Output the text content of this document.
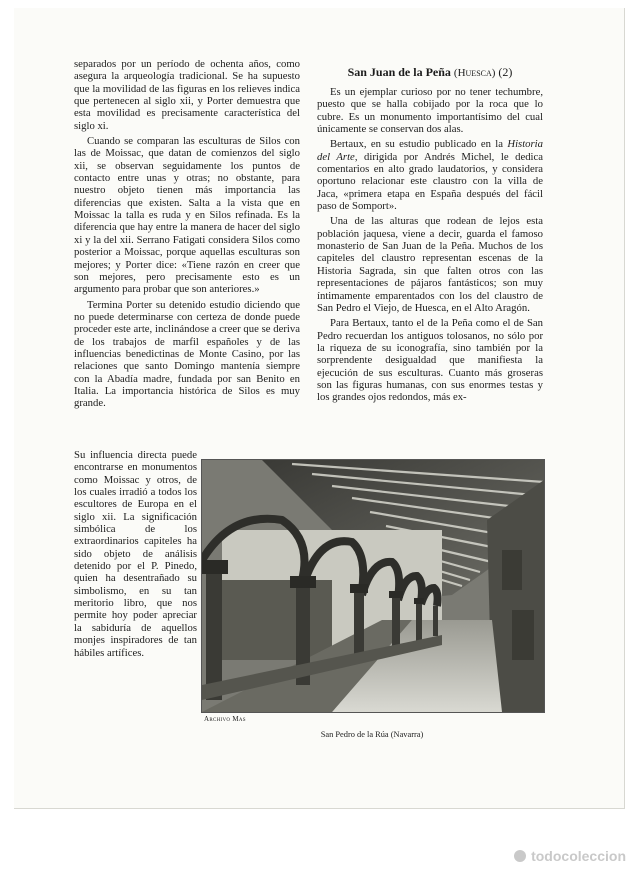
separados por un período de ochenta años, como asegura la arqueología tradicional. Se ha supuesto que la movilidad de las figuras en los relieves indica que pertenecen al siglo xii, y Porter demuestra que esta movilidad es precisamente característica del siglo xi.

Cuando se comparan las esculturas de Silos con las de Moissac, que datan de comienzos del siglo xii, se observan seguidamente los puntos de contacto entre unas y otras; no obstante, para nuestro objeto tienen más importancia las diferencias que existen. Salta a la vista que en Moissac la talla es ruda y en Silos refinada. Es la diferencia que hay entre la manera de hacer del siglo xi y la del xii. Serrano Fatigati considera Silos como posterior a Moissac, porque aquellas esculturas son mejores; y Porter dice: «Tiene razón en creer que son mejores, pero precisamente esto es un argumento para probar que son anteriores.»

Termina Porter su detenido estudio diciendo que no puede determinarse con certeza de donde puede proceder este arte, inclinándose a creer que se deriva de los trabajos de marfil españoles y de las influencias benedictinas de Monte Casino, por las relaciones que santo Domingo mantenía siempre con la Abadía madre, fundada por san Benito en Italia. La importancia histórica de Silos es muy grande.

Su influencia directa puede encontrarse en monumentos como Moissac y otros, de los cuales irradió a todos los escultores de Europa en el siglo xii. La significación simbólica de los extraordinarios capiteles ha sido objeto de análisis detenido por el P. Pinedo, quien ha desentrañado su simbolismo, en su tan meritorio libro, que nos permite hoy poder apreciar la sabiduría de aquellos monjes inspiradores de tan hábiles artífices.

San Juan de la Peña (Huesca) (2)

Es un ejemplar curioso por no tener techumbre, puesto que se halla cobijado por la roca que lo cubre. Es un monumento importantísimo del cual únicamente se conservan dos alas.

Bertaux, en su estudio publicado en la Historia del Arte, dirigida por Andrés Michel, le dedica comentarios en alto grado laudatorios, y considera oportuno relacionar este claustro con la villa de Jaca, «primera etapa en España después del fácil paso de Somport».

Una de las alturas que rodean de lejos esta población jaquesa, viene a decir, guarda el famoso monasterio de San Juan de la Peña. Muchos de los capiteles del claustro representan escenas de la Historia Sagrada, sin que falten otros con las representaciones de pájaros fantásticos; son muy íntimamente emparentados con los del claustro de San Pedro el Viejo, de Huesca, en el Alto Aragón.

Para Bertaux, tanto el de la Peña como el de San Pedro recuerdan los antiguos tolosanos, no sólo por la riqueza de su iconografía, sino también por la sorprendente desigualdad que manifiesta la ejecución de sus esculturas. Cuanto más groseras son las figuras humanas, con sus enormes testas y los grandes ojos redondos, más ex-

Archivo Mas
San Pedro de la Rúa (Navarra)
todocoleccion
